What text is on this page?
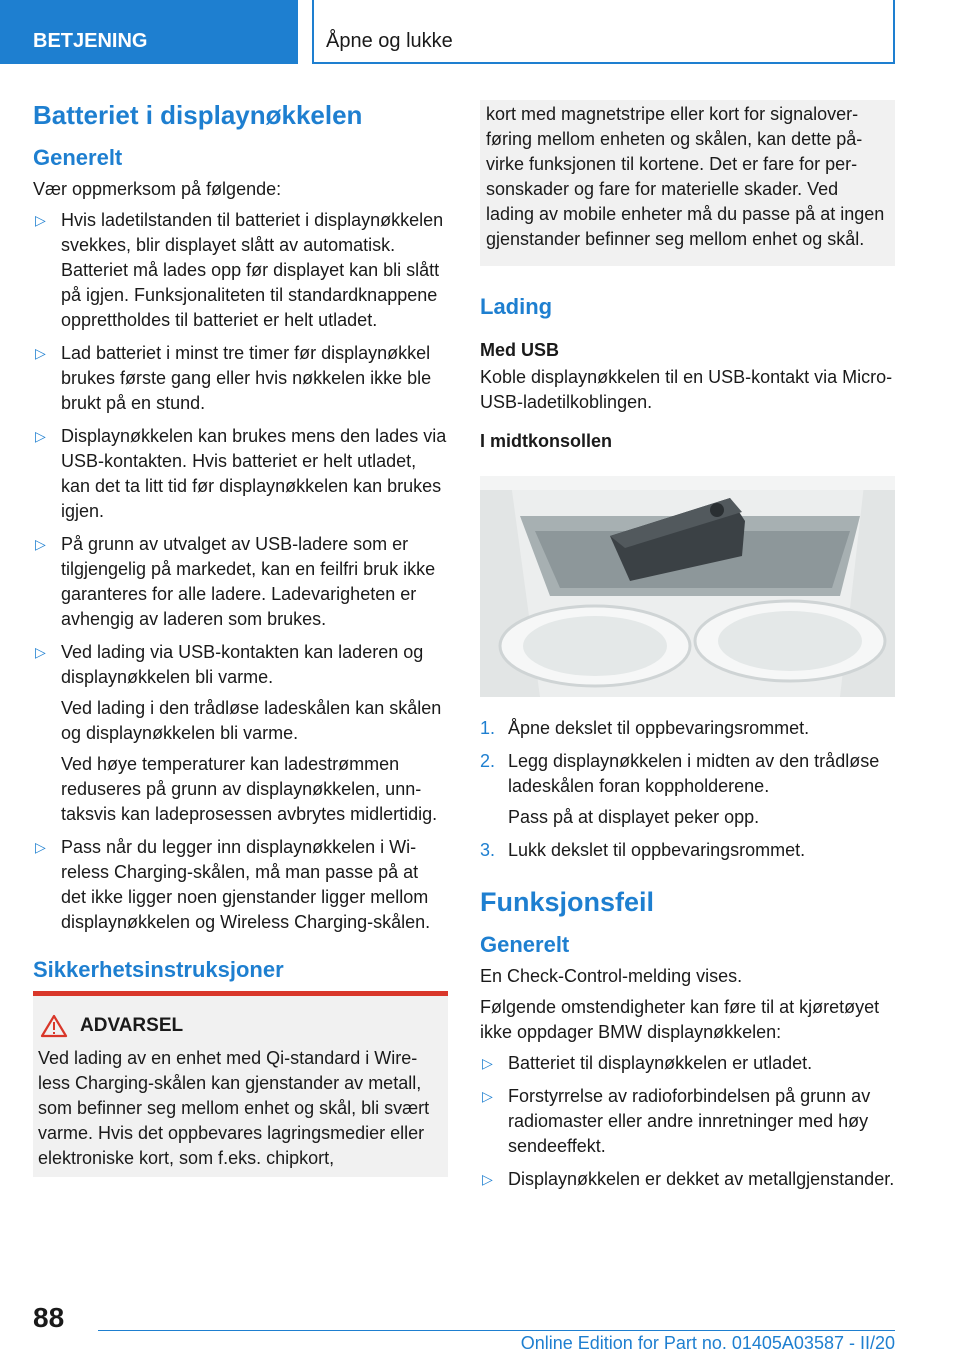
BETJENING	Åpne og lukke
Batteriet i displaynøkkelen
Generelt

Vær oppmerksom på følgende:

▷ Hvis ladetilstanden til batteriet i displaynøkkelen svekkes, blir displayet slått av automatisk. Batteriet må lades opp før displayet kan bli slått på igjen. Funksjonaliteten til standardknappene opprettholdes til batteriet er helt utladet.
▷ Lad batteriet i minst tre timer før displaynøkkel brukes første gang eller hvis nøkkelen ikke ble brukt på en stund.
▷ Displaynøkkelen kan brukes mens den lades via USB-kontakten. Hvis batteriet er helt utladet, kan det ta litt tid før displaynøkkelen kan brukes igjen.
▷ På grunn av utvalget av USB-ladere som er tilgjengelig på markedet, kan en feilfri bruk ikke garanteres for alle ladere. Ladevarigheten er avhengig av laderen som brukes.
▷ Ved lading via USB-kontakten kan laderen og displaynøkkelen bli varme.

Ved lading i den trådløse ladeskålen kan skålen og displaynøkkelen bli varme.

Ved høye temperaturer kan ladestrømmen reduseres på grunn av displaynøkkelen, unntaksvis kan ladeprosessen avbrytes midlertidig.

▷ Pass når du legger inn displaynøkkelen i Wireless Charging-skålen, må man passe på at det ikke ligger noen gjenstander ligger mellom displaynøkkelen og Wireless Charging-skålen.
Sikkerhetsinstruksjoner
ADVARSEL

Ved lading av en enhet med Qi-standard i Wireless Charging-skålen kan gjenstander av metall, som befinner seg mellom enhet og skål, bli svært varme. Hvis det oppbevares lagringsmedier eller elektroniske kort, som f.eks. chipkort,

kort med magnetstripe eller kort for signaloverføring mellom enheten og skålen, kan dette påvirke funksjonen til kortene. Det er fare for personskader og fare for materielle skader. Ved lading av mobile enheter må du passe på at ingen gjenstander befinner seg mellom enhet og skål.

Lading
Med USB

Koble displaynøkkelen til en USB-kontakt via Micro-USB-ladetilkoblingen.

I midtkonsollen
1. Åpne dekslet til oppbevaringsrommet.
2. Legg displaynøkkelen i midten av den trådløse ladeskålen foran koppholderene.

Pass på at displayet peker opp.

3. Lukk dekslet til oppbevaringsrommet.
Funksjonsfeil
Generelt

En Check-Control-melding vises.

Følgende omstendigheter kan føre til at kjøretøyet ikke oppdager BMW displaynøkkelen:

▷ Batteriet til displaynøkkelen er utladet.
▷ Forstyrrelse av radioforbindelsen på grunn av radiomaster eller andre innretninger med høy sendeeffekt.
▷ Displaynøkkelen er dekket av metallgjenstander.
88
Online Edition for Part no. 01405A03587 - II/20
